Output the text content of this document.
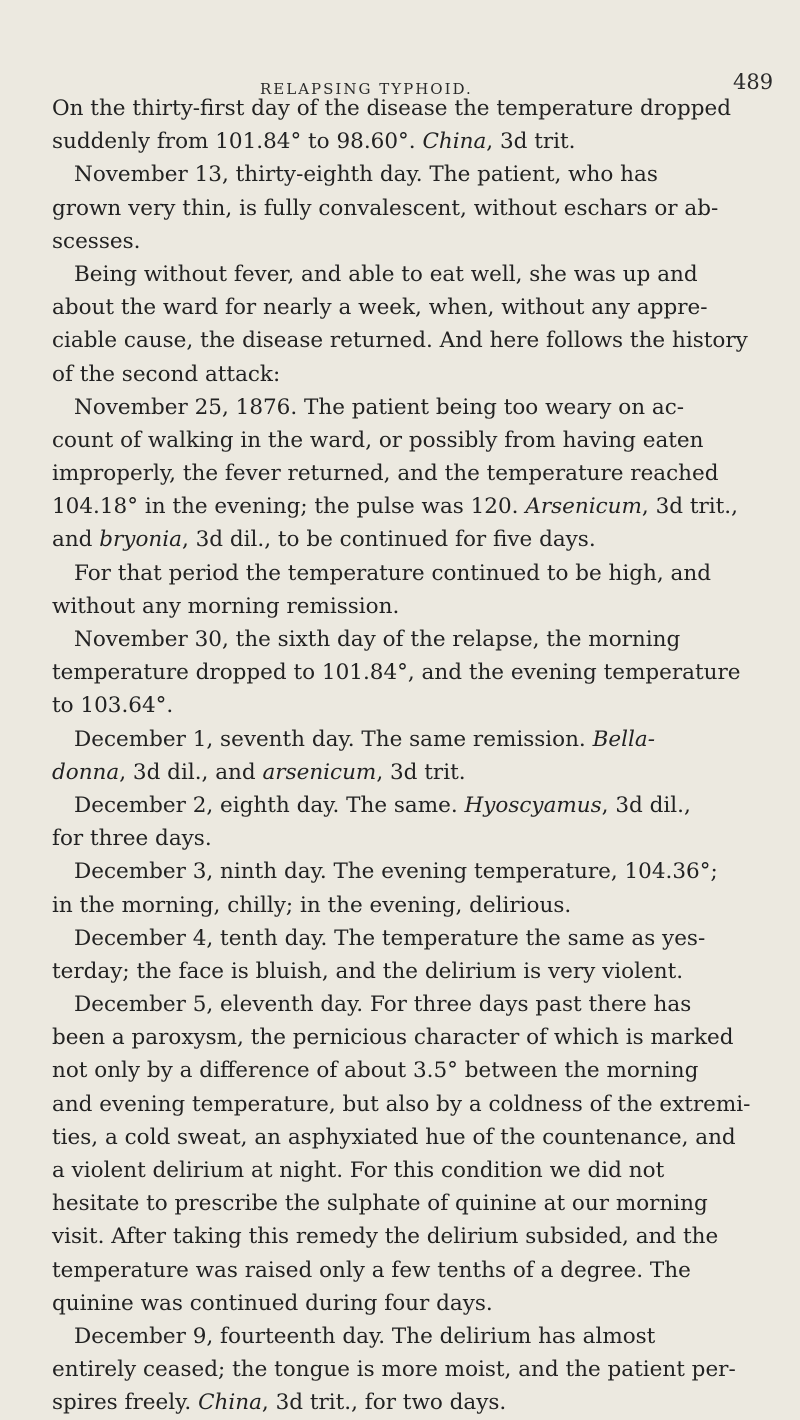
RELAPSING TYPHOID.	489
On the thirty-first day of the disease the temperature dropped
suddenly from 101.84° to 98.60°. China, 3d trit.
November 13, thirty-eighth day. The patient, who has
grown very thin, is fully convalescent, without eschars or ab-
scesses.
Being without fever, and able to eat well, she was up and
about the ward for nearly a week, when, without any appre-
ciable cause, the disease returned. And here follows the history
of the second attack:
November 25, 1876. The patient being too weary on ac-
count of walking in the ward, or possibly from having eaten
improperly, the fever returned, and the temperature reached
104.18° in the evening; the pulse was 120. Arsenicum, 3d trit.,
and bryonia, 3d dil., to be continued for five days.
For that period the temperature continued to be high, and
without any morning remission.
November 30, the sixth day of the relapse, the morning
temperature dropped to 101.84°, and the evening temperature
to 103.64°.
December 1, seventh day. The same remission. Bella-
donna, 3d dil., and arsenicum, 3d trit.
December 2, eighth day. The same. Hyoscyamus, 3d dil.,
for three days.
December 3, ninth day. The evening temperature, 104.36°;
in the morning, chilly; in the evening, delirious.
December 4, tenth day. The temperature the same as yes-
terday; the face is bluish, and the delirium is very violent.
December 5, eleventh day. For three days past there has
been a paroxysm, the pernicious character of which is marked
not only by a difference of about 3.5° between the morning
and evening temperature, but also by a coldness of the extremi-
ties, a cold sweat, an asphyxiated hue of the countenance, and
a violent delirium at night. For this condition we did not
hesitate to prescribe the sulphate of quinine at our morning
visit. After taking this remedy the delirium subsided, and the
temperature was raised only a few tenths of a degree. The
quinine was continued during four days.
December 9, fourteenth day. The delirium has almost
entirely ceased; the tongue is more moist, and the patient per-
spires freely. China, 3d trit., for two days.
